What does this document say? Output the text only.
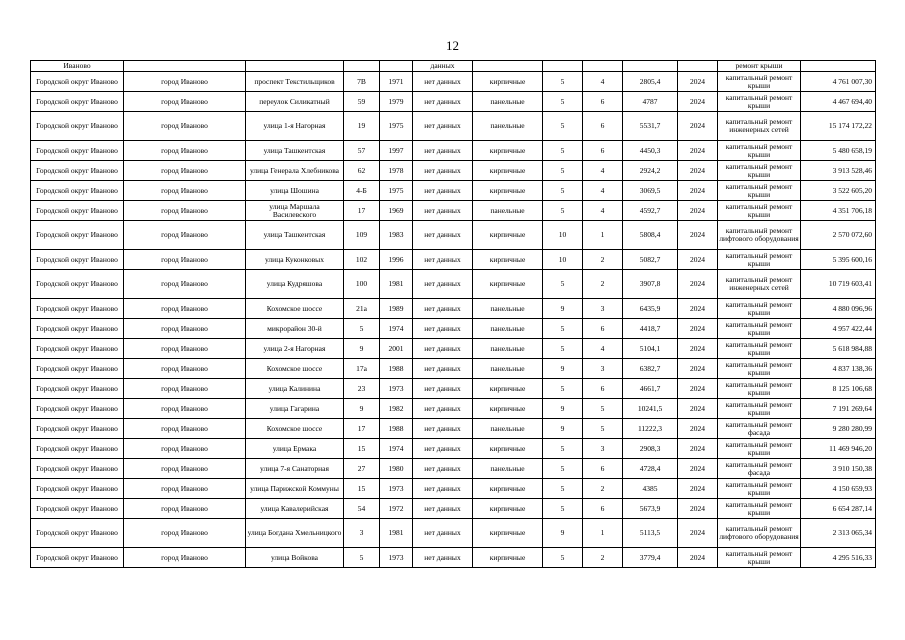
12
Иваново					данных						ремонт крыши	
Городской округ Иваново	город Иваново	проспект Текстильщиков	7В	1971	нет данных	кирпичные	5	4	2805,4	2024	капитальный ремонт крыши	4 761 007,30
Городской округ Иваново	город Иваново	переулок Силикатный	59	1979	нет данных	панельные	5	6	4787	2024	капитальный ремонт крыши	4 467 694,40
Городской округ Иваново	город Иваново	улица 1-я Нагорная	19	1975	нет данных	панельные	5	6	5531,7	2024	капитальный ремонт инженерных сетей	15 174 172,22
Городской округ Иваново	город Иваново	улица Ташкентская	57	1997	нет данных	кирпичные	5	6	4450,3	2024	капитальный ремонт крыши	5 480 658,19
Городской округ Иваново	город Иваново	улица Генерала Хлебникова	62	1978	нет данных	кирпичные	5	4	2924,2	2024	капитальный ремонт крыши	3 913 528,46
Городской округ Иваново	город Иваново	улица Шошина	4-Б	1975	нет данных	кирпичные	5	4	3069,5	2024	капитальный ремонт крыши	3 522 605,20
Городской округ Иваново	город Иваново	улица Маршала Василевского	17	1969	нет данных	панельные	5	4	4592,7	2024	капитальный ремонт крыши	4 351 706,18
Городской округ Иваново	город Иваново	улица Ташкентская	109	1983	нет данных	кирпичные	10	1	5808,4	2024	капитальный ремонт лифтового оборудования	2 570 072,60
Городской округ Иваново	город Иваново	улица Куконковых	102	1996	нет данных	кирпичные	10	2	5082,7	2024	капитальный ремонт крыши	5 395 600,16
Городской округ Иваново	город Иваново	улица Кудряшова	100	1981	нет данных	кирпичные	5	2	3907,8	2024	капитальный ремонт инженерных сетей	10 719 603,41
Городской округ Иваново	город Иваново	Кохомское шоссе	21а	1989	нет данных	панельные	9	3	6435,9	2024	капитальный ремонт крыши	4 880 096,96
Городской округ Иваново	город Иваново	микрорайон 30-й	5	1974	нет данных	панельные	5	6	4418,7	2024	капитальный ремонт крыши	4 957 422,44
Городской округ Иваново	город Иваново	улица 2-я Нагорная	9	2001	нет данных	панельные	5	4	5104,1	2024	капитальный ремонт крыши	5 618 984,88
Городской округ Иваново	город Иваново	Кохомское шоссе	17а	1988	нет данных	панельные	9	3	6382,7	2024	капитальный ремонт крыши	4 837 138,36
Городской округ Иваново	город Иваново	улица Калинина	23	1973	нет данных	кирпичные	5	6	4661,7	2024	капитальный ремонт крыши	8 125 106,68
Городской округ Иваново	город Иваново	улица Гагарина	9	1982	нет данных	кирпичные	9	5	10241,5	2024	капитальный ремонт крыши	7 191 269,64
Городской округ Иваново	город Иваново	Кохомское шоссе	17	1988	нет данных	панельные	9	5	11222,3	2024	капитальный ремонт фасада	9 280 280,99
Городской округ Иваново	город Иваново	улица Ермака	15	1974	нет данных	кирпичные	5	3	2908,3	2024	капитальный ремонт крыши	11 469 946,20
Городской округ Иваново	город Иваново	улица 7-я Санаторная	27	1980	нет данных	панельные	5	6	4728,4	2024	капитальный ремонт фасада	3 910 150,38
Городской округ Иваново	город Иваново	улица Парижской Коммуны	15	1973	нет данных	кирпичные	5	2	4385	2024	капитальный ремонт крыши	4 150 659,93
Городской округ Иваново	город Иваново	улица Кавалерийская	54	1972	нет данных	кирпичные	5	6	5673,9	2024	капитальный ремонт крыши	6 654 287,14
Городской округ Иваново	город Иваново	улица Богдана Хмельницкого	3	1981	нет данных	кирпичные	9	1	5113,5	2024	капитальный ремонт лифтового оборудования	2 313 065,34
Городской округ Иваново	город Иваново	улица Войкова	5	1973	нет данных	кирпичные	5	2	3779,4	2024	капитальный ремонт крыши	4 295 516,33
